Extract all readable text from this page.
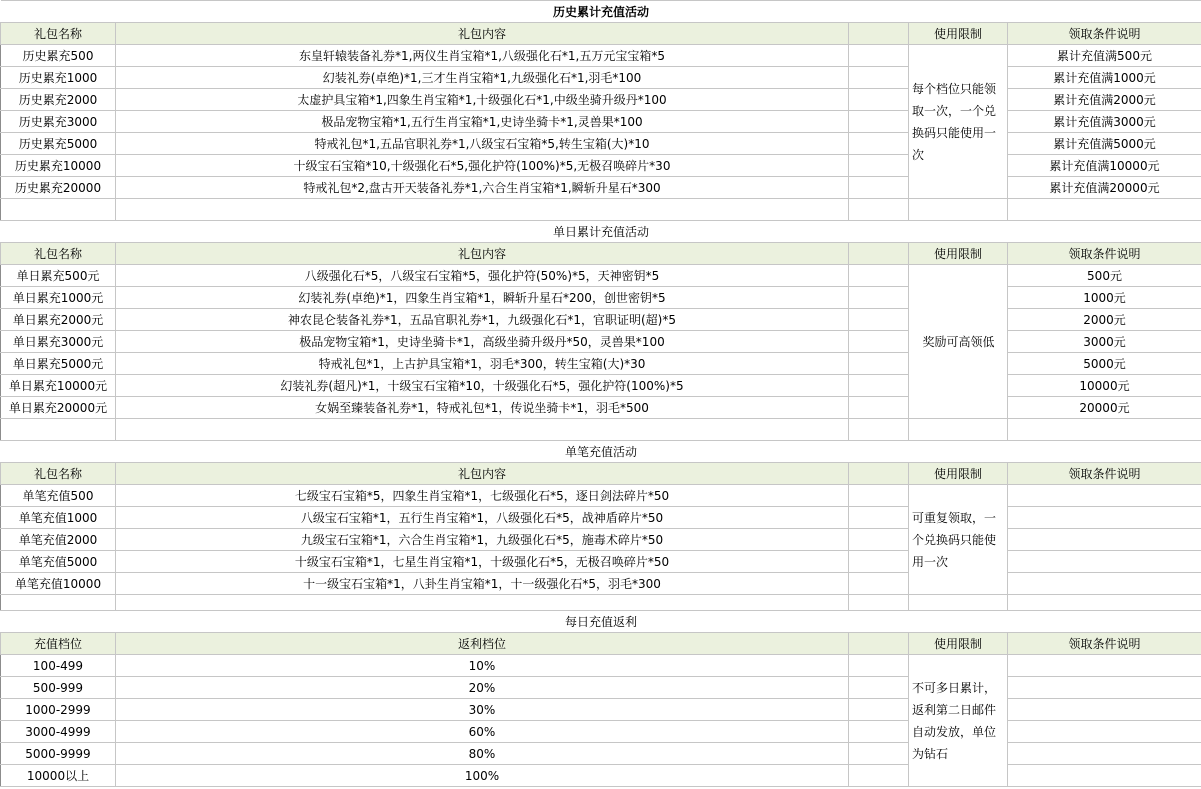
历史累计充值活动				
礼包名称	礼包内容		使用限制	领取条件说明
历史累充500	东皇轩辕装备礼券*1,两仪生肖宝箱*1,八级强化石*1,五万元宝宝箱*5		每个档位只能领取一次，一个兑换码只能使用一次	累计充值满500元
历史累充1000	幻装礼券(卓绝)*1,三才生肖宝箱*1,九级强化石*1,羽毛*100			累计充值满1000元
历史累充2000	太虚护具宝箱*1,四象生肖宝箱*1,十级强化石*1,中级坐骑升级丹*100			累计充值满2000元
历史累充3000	极品宠物宝箱*1,五行生肖宝箱*1,史诗坐骑卡*1,灵兽果*100			累计充值满3000元
历史累充5000	特戒礼包*1,五品官职礼券*1,八级宝石宝箱*5,转生宝箱(大)*10			累计充值满5000元
历史累充10000	十级宝石宝箱*10,十级强化石*5,强化护符(100%)*5,无极召唤碎片*30			累计充值满10000元
历史累充20000	特戒礼包*2,盘古开天装备礼券*1,六合生肖宝箱*1,瞬斩升星石*300			累计充值满20000元

单日累计充值活动				
礼包名称	礼包内容		使用限制	领取条件说明
单日累充500元	八级强化石*5，八级宝石宝箱*5，强化护符(50%)*5，天神密钥*5		奖励可高领低	500元
单日累充1000元	幻装礼券(卓绝)*1，四象生肖宝箱*1，瞬斩升星石*200，创世密钥*5			1000元
单日累充2000元	神农昆仑装备礼券*1，五品官职礼券*1，九级强化石*1，官职证明(超)*5			2000元
单日累充3000元	极品宠物宝箱*1，史诗坐骑卡*1，高级坐骑升级丹*50，灵兽果*100			3000元
单日累充5000元	特戒礼包*1，上古护具宝箱*1，羽毛*300，转生宝箱(大)*30			5000元
单日累充10000元	幻装礼券(超凡)*1，十级宝石宝箱*10，十级强化石*5，强化护符(100%)*5			10000元
单日累充20000元	女娲至臻装备礼券*1，特戒礼包*1，传说坐骑卡*1，羽毛*500			20000元

单笔充值活动				
礼包名称	礼包内容		使用限制	领取条件说明
单笔充值500	七级宝石宝箱*5，四象生肖宝箱*1，七级强化石*5，逐日剑法碎片*50		可重复领取，一个兑换码只能使用一次	
单笔充值1000	八级宝石宝箱*1，五行生肖宝箱*1，八级强化石*5，战神盾碎片*50			
单笔充值2000	九级宝石宝箱*1，六合生肖宝箱*1，九级强化石*5，施毒术碎片*50			
单笔充值5000	十级宝石宝箱*1，七星生肖宝箱*1，十级强化石*5，无极召唤碎片*50			
单笔充值10000	十一级宝石宝箱*1，八卦生肖宝箱*1，十一级强化石*5，羽毛*300			

每日充值返利				
充值档位	返利档位		使用限制	领取条件说明
100-499	10%		不可多日累计，返利第二日邮件自动发放，单位为钻石	
500-999	20%			
1000-2999	30%			
3000-4999	60%			
5000-9999	80%			
10000以上	100%			
